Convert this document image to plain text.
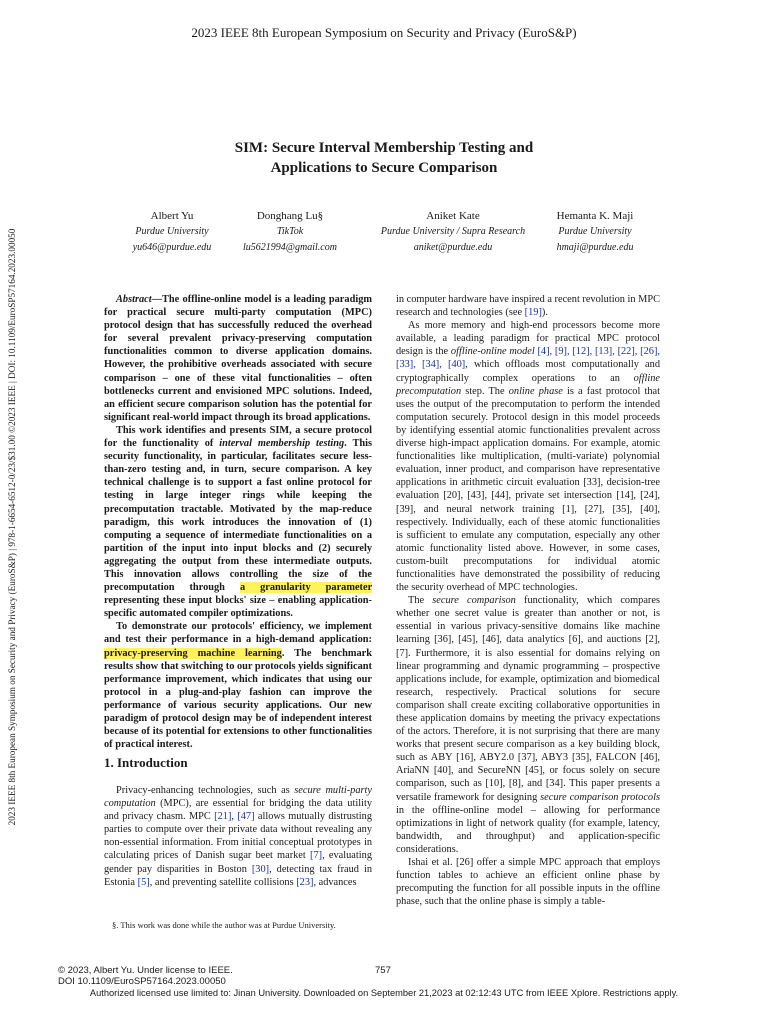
2023 IEEE 8th European Symposium on Security and Privacy (EuroS&P)
2023 IEEE 8th European Symposium on Security and Privacy (EuroS&P) | 978-1-6654-6512-0/23/$31.00 ©2023 IEEE | DOI: 10.1109/EuroSP57164.2023.00050
SIM: Secure Interval Membership Testing and
Applications to Secure Comparison
Albert Yu
Purdue University
yu646@purdue.edu
Donghang Lu§
TikTok
lu5621994@gmail.com
Aniket Kate
Purdue University / Supra Research
aniket@purdue.edu
Hemanta K. Maji
Purdue University
hmaji@purdue.edu

Abstract—The offline-online model is a leading paradigm for practical secure multi-party computation (MPC) protocol design that has successfully reduced the overhead for several prevalent privacy-preserving computation functionalities common to diverse application domains. However, the prohibitive overheads associated with secure comparison – one of these vital functionalities – often bottlenecks current and envisioned MPC solutions. Indeed, an efficient secure comparison solution has the potential for significant real-world impact through its broad applications.

This work identifies and presents SIM, a secure protocol for the functionality of interval membership testing. This security functionality, in particular, facilitates secure less-than-zero testing and, in turn, secure comparison. A key technical challenge is to support a fast online protocol for testing in large integer rings while keeping the precomputation tractable. Motivated by the map-reduce paradigm, this work introduces the innovation of (1) computing a sequence of intermediate functionalities on a partition of the input into input blocks and (2) securely aggregating the output from these intermediate outputs. This innovation allows controlling the size of the precomputation through a granularity parameter representing these input blocks' size – enabling application-specific automated compiler optimizations.

To demonstrate our protocols' efficiency, we implement and test their performance in a high-demand application: privacy-preserving machine learning. The benchmark results show that switching to our protocols yields significant performance improvement, which indicates that using our protocol in a plug-and-play fashion can improve the performance of various security applications. Our new paradigm of protocol design may be of independent interest because of its potential for extensions to other functionalities of practical interest.

1. Introduction

Privacy-enhancing technologies, such as secure multi-party computation (MPC), are essential for bridging the data utility and privacy chasm. MPC [21], [47] allows mutually distrusting parties to compute over their private data without revealing any non-essential information. From initial conceptual prototypes in calculating prices of Danish sugar beet market [7], evaluating gender pay disparities in Boston [30], detecting tax fraud in Estonia [5], and preventing satellite collisions [23], advances

§. This work was done while the author was at Purdue University.

in computer hardware have inspired a recent revolution in MPC research and technologies (see [19]).

As more memory and high-end processors become more available, a leading paradigm for practical MPC protocol design is the offline-online model [4], [9], [12], [13], [22], [26], [33], [34], [40], which offloads most computationally and cryptographically complex operations to an offline precomputation step. The online phase is a fast protocol that uses the output of the precomputation to perform the intended computation securely. Protocol design in this model proceeds by identifying essential atomic functionalities prevalent across diverse high-impact application domains. For example, atomic functionalities like multiplication, (multi-variate) polynomial evaluation, inner product, and comparison have representative applications in arithmetic circuit evaluation [33], decision-tree evaluation [20], [43], [44], private set intersection [14], [24], [39], and neural network training [1], [27], [35], [40], respectively. Individually, each of these atomic functionalities is sufficient to emulate any computation, especially any other atomic functionality listed above. However, in some cases, custom-built precomputations for individual atomic functionalities have demonstrated the possibility of reducing the security overhead of MPC technologies.

The secure comparison functionality, which compares whether one secret value is greater than another or not, is essential in various privacy-sensitive domains like machine learning [36], [45], [46], data analytics [6], and auctions [2], [7]. Furthermore, it is also essential for domains relying on linear programming and dynamic programming – prospective applications include, for example, optimization and biomedical research, respectively. Practical solutions for secure comparison shall create exciting collaborative opportunities in these application domains by meeting the privacy expectations of the actors. Therefore, it is not surprising that there are many works that present secure comparison as a key building block, such as ABY [16], ABY2.0 [37], ABY3 [35], FALCON [46], AriaNN [40], and SecureNN [45], or focus solely on secure comparison, such as [10], [8], and [34]. This paper presents a versatile framework for designing secure comparison protocols in the offline-online model – allowing for performance optimizations in light of network quality (for example, latency, bandwidth, and throughput) and application-specific considerations.

Ishai et al. [26] offer a simple MPC approach that employs function tables to achieve an efficient online phase by precomputing the function for all possible inputs in the offline phase, such that the online phase is simply a table-

© 2023, Albert Yu. Under license to IEEE.
DOI 10.1109/EuroSP57164.2023.00050
757
Authorized licensed use limited to: Jinan University. Downloaded on September 21,2023 at 02:12:43 UTC from IEEE Xplore. Restrictions apply.
